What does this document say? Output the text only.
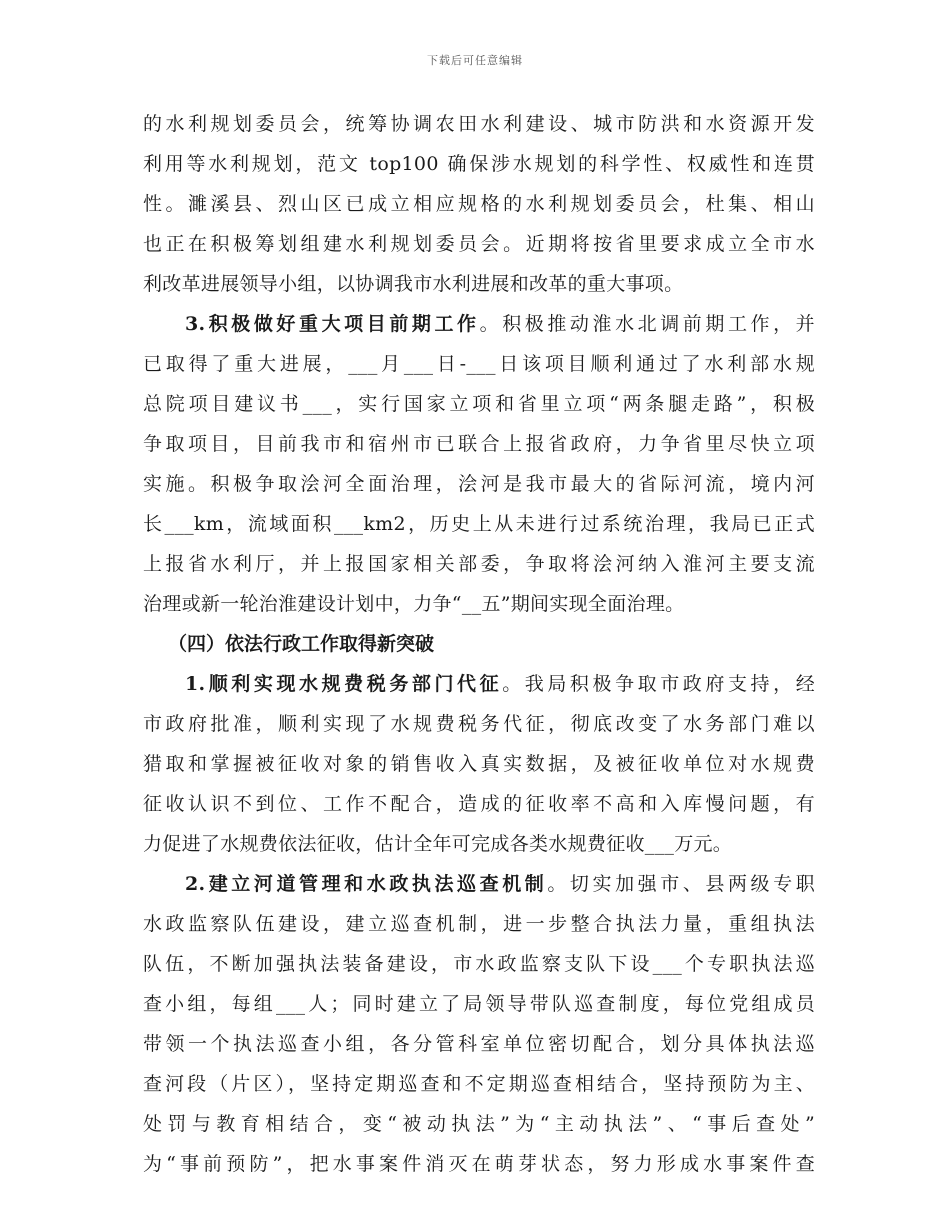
下载后可任意编辑
的水利规划委员会，统筹协调农田水利建设、城市防洪和水资源开发
利用等水利规划，范文 top100 确保涉水规划的科学性、权威性和连贯
性。濉溪县、烈山区已成立相应规格的水利规划委员会，杜集、相山
也正在积极筹划组建水利规划委员会。近期将按省里要求成立全市水
利改革进展领导小组，以协调我市水利进展和改革的重大事项。
3.积极做好重大项目前期工作。积极推动淮水北调前期工作，并
已取得了重大进展，___月___日-___日该项目顺利通过了水利部水规
总院项目建议书___，实行国家立项和省里立项“两条腿走路”，积极
争取项目，目前我市和宿州市已联合上报省政府，力争省里尽快立项
实施。积极争取浍河全面治理，浍河是我市最大的省际河流，境内河
长___km，流域面积___km2，历史上从未进行过系统治理，我局已正式
上报省水利厅，并上报国家相关部委，争取将浍河纳入淮河主要支流
治理或新一轮治淮建设计划中，力争“__五”期间实现全面治理。
（四）依法行政工作取得新突破
1.顺利实现水规费税务部门代征。我局积极争取市政府支持，经
市政府批准，顺利实现了水规费税务代征，彻底改变了水务部门难以
猎取和掌握被征收对象的销售收入真实数据，及被征收单位对水规费
征收认识不到位、工作不配合，造成的征收率不高和入库慢问题，有
力促进了水规费依法征收，估计全年可完成各类水规费征收___万元。
2.建立河道管理和水政执法巡查机制。切实加强市、县两级专职
水政监察队伍建设，建立巡查机制，进一步整合执法力量，重组执法
队伍，不断加强执法装备建设，市水政监察支队下设___个专职执法巡
查小组，每组___人；同时建立了局领导带队巡查制度，每位党组成员
带领一个执法巡查小组，各分管科室单位密切配合，划分具体执法巡
查河段（片区），坚持定期巡查和不定期巡查相结合，坚持预防为主、
处罚与教育相结合，变“被动执法”为“主动执法”、“事后查处”
为“事前预防”，把水事案件消灭在萌芽状态，努力形成水事案件查
